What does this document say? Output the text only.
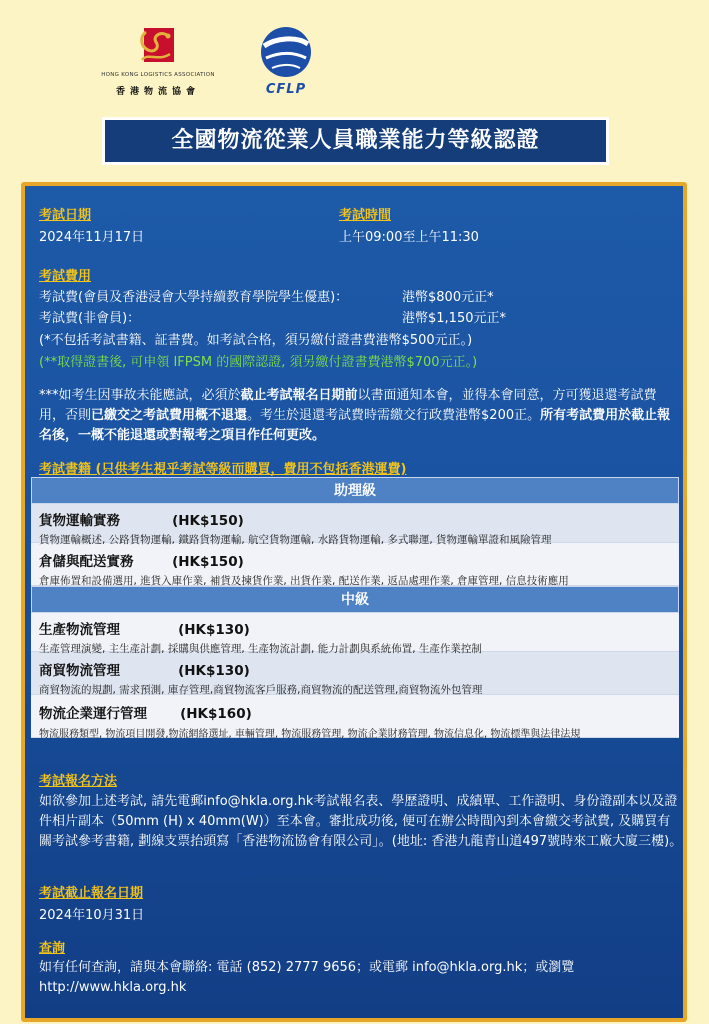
HONG KONG LOGISTICS ASSOCIATION
香港物流協會	CFLP
全國物流從業人員職業能力等級認證
考試日期
2024年11月17日
考試時間
上午09:00至上午11:30
考試費用
考試費(會員及香港浸會大學持續教育學院學生優惠)：	港幣$800元正*
考試費(非會員)：	港幣$1,150元正*
(*不包括考試書籍、証書費。如考試合格，須另繳付證書費港幣$500元正。)
(**取得證書後, 可申領 IFPSM 的國際認證, 須另繳付證書費港幣$700元正。)
***如考生因事故未能應試，必須於截止考試報名日期前以書面通知本會，並得本會同意，方可獲退還考試費用，否則已繳交之考試費用概不退還。考生於退還考試費時需繳交行政費港幣$200正。所有考試費用於截止報名後，一概不能退還或對報考之項目作任何更改。
考試書籍 (只供考生視乎考試等級而購買，費用不包括香港運費)
助理級
貨物運輸實務	(HK$150)
貨物運輸概述, 公路貨物運輸, 鐵路貨物運輸, 航空貨物運輸, 水路貨物運輸, 多式聯運, 貨物運輸單證和風險管理
倉儲與配送實務	(HK$150)
倉庫佈置和設備選用, 進貨入庫作業, 補貨及揀貨作業, 出貨作業, 配送作業, 返品處理作業, 倉庫管理, 信息技術應用
中級
生產物流管理	(HK$130)
生產管理演變, 主生產計劃, 採購與供應管理, 生產物流計劃, 能力計劃與系統佈置, 生產作業控制
商貿物流管理	(HK$130)
商貿物流的規劃, 需求預測, 庫存管理,商貿物流客戶服務,商貿物流的配送管理,商貿物流外包管理
物流企業運行管理 (HK$160)
物流服務類型, 物流項目開發,物流網絡選址, 車輛管理, 物流服務管理, 物流企業財務管理, 物流信息化, 物流標準與法律法規
考試報名方法
如欲參加上述考試, 請先電郵info@hkla.org.hk考試報名表、學歷證明、成績單、工作證明、身份證副本以及證件相片副本（50mm (H) x 40mm(W)）至本會。審批成功後, 便可在辦公時間內到本會繳交考試費, 及購買有關考試參考書籍, 劃線支票抬頭寫「香港物流協會有限公司」。(地址: 香港九龍青山道497號時來工廠大廈三樓)。
考試截止報名日期
2024年10月31日
查詢
如有任何查詢，請與本會聯絡: 電話 (852) 2777 9656；或電郵 info@hkla.org.hk；或瀏覽 http://www.hkla.org.hk
